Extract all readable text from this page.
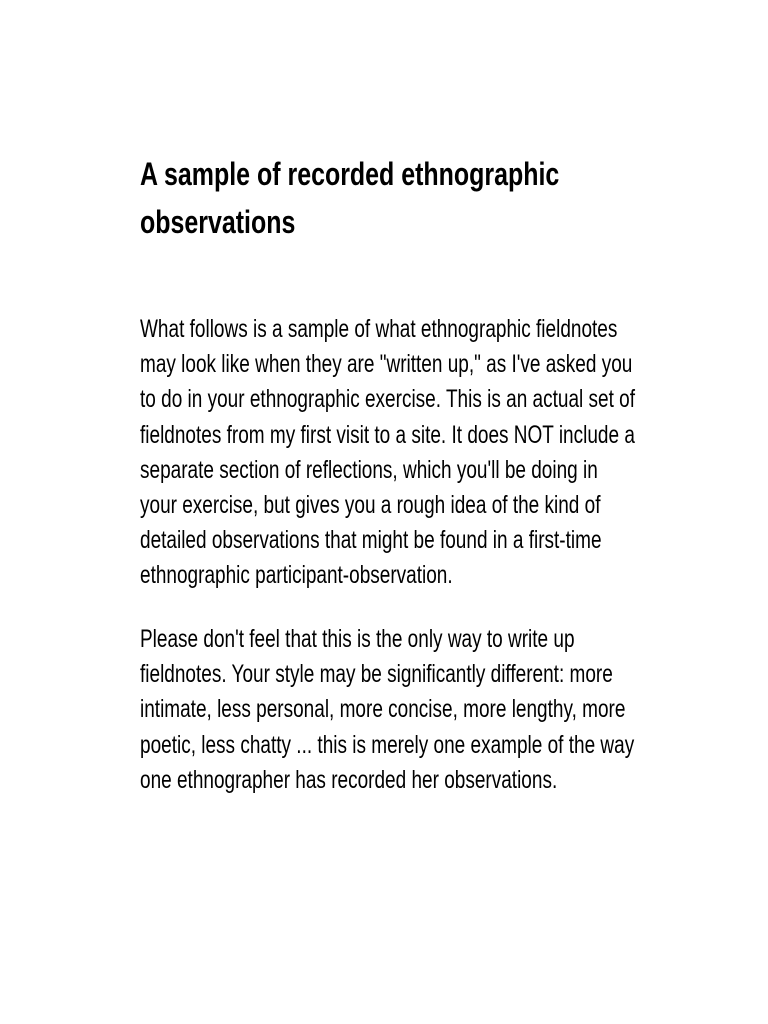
A sample of recorded ethnographic observations

What follows is a sample of what ethnographic fieldnotes may look like when they are "written up," as I've asked you to do in your ethnographic exercise. This is an actual set of fieldnotes from my first visit to a site. It does NOT include a separate section of reflections, which you'll be doing in your exercise, but gives you a rough idea of the kind of detailed observations that might be found in a first-time ethnographic participant-observation.

Please don't feel that this is the only way to write up fieldnotes. Your style may be significantly different: more intimate, less personal, more concise, more lengthy, more poetic, less chatty ... this is merely one example of the way one ethnographer has recorded her observations.
